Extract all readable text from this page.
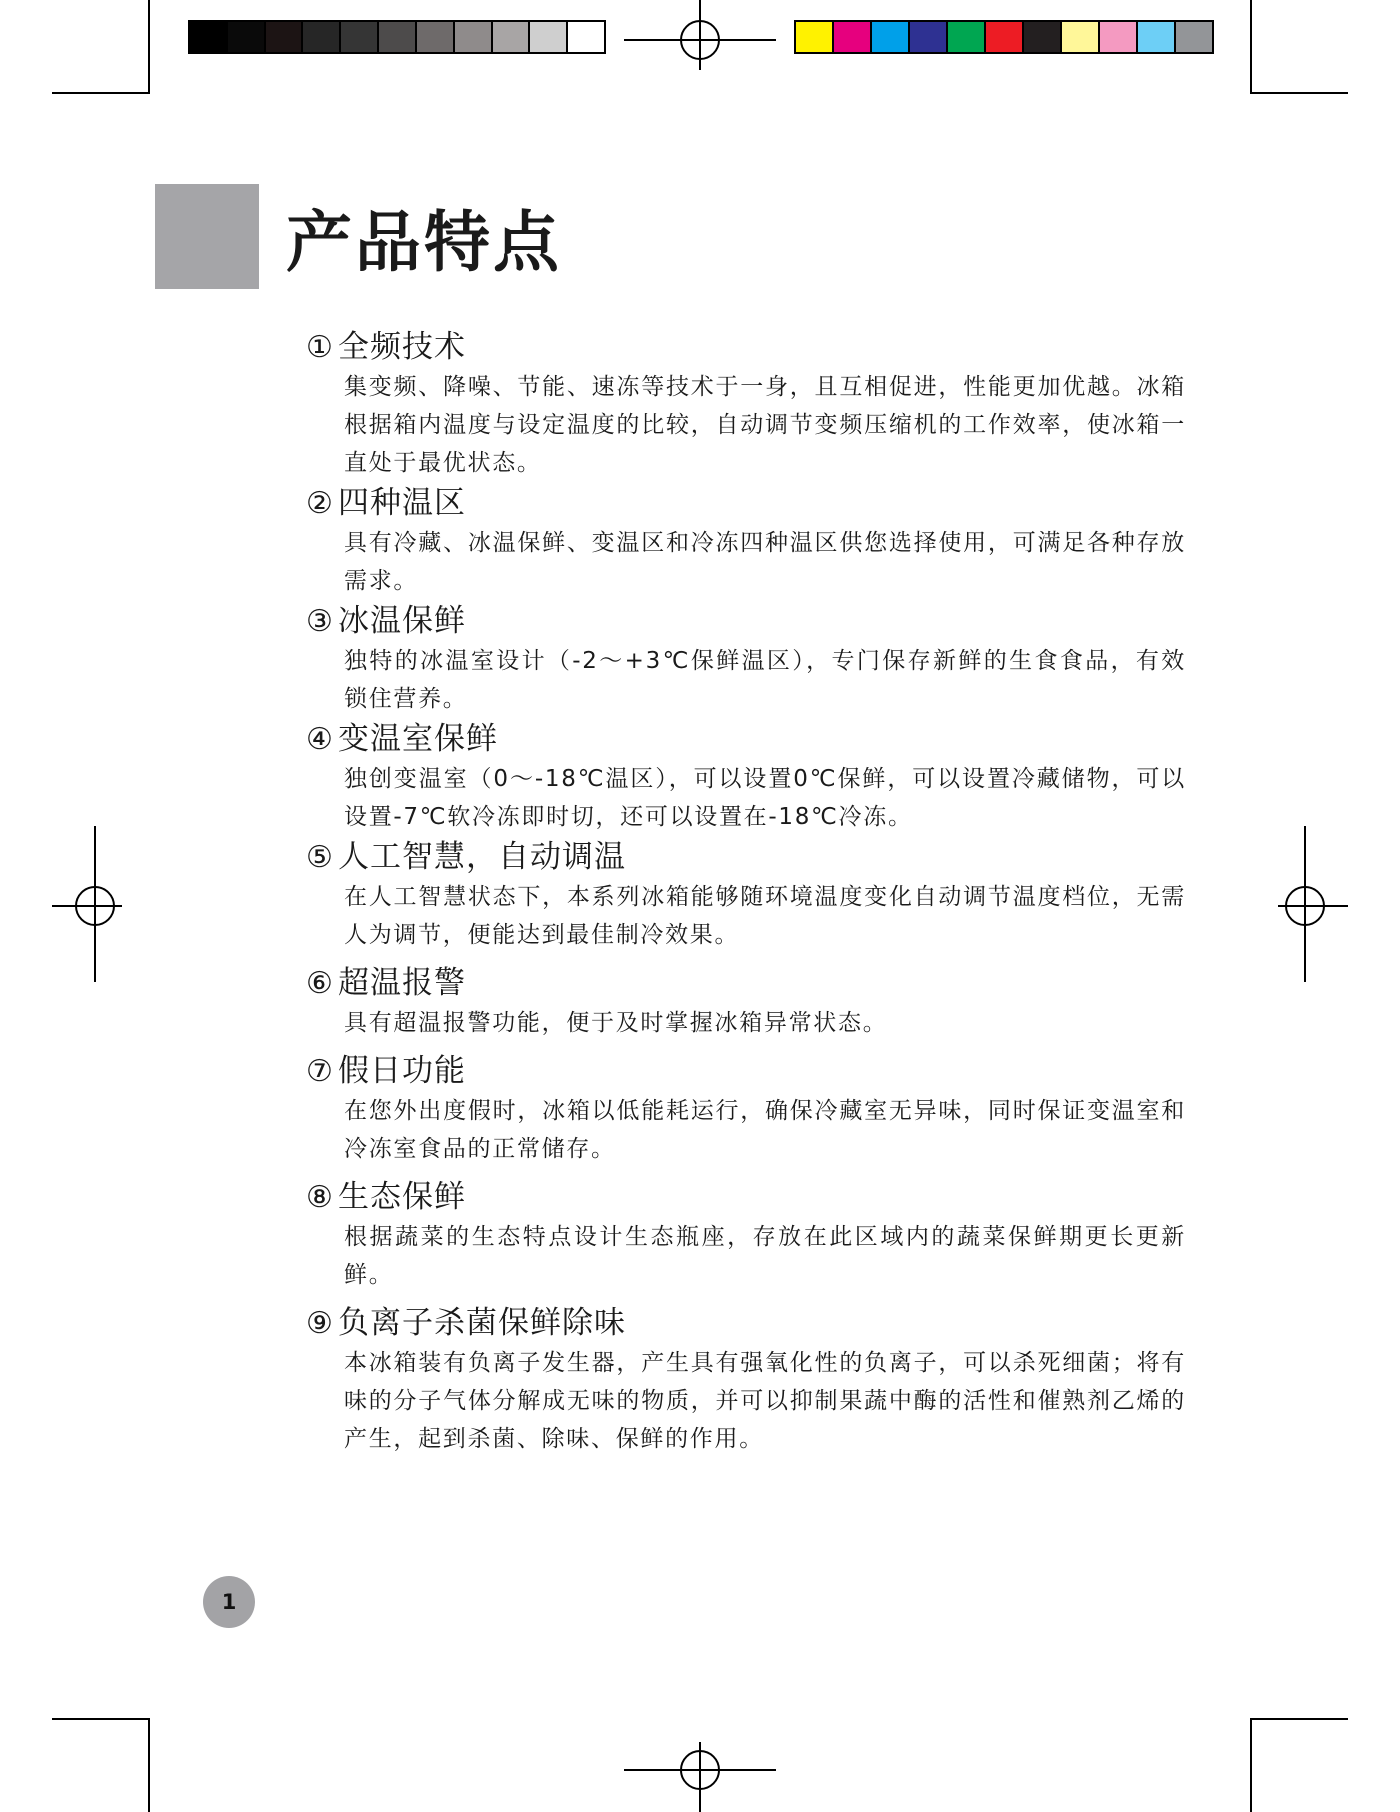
产品特点
① 全频技术

集变频、降噪、节能、速冻等技术于一身，且互相促进，性能更加优越。冰箱根据箱内温度与设定温度的比较，自动调节变频压缩机的工作效率，使冰箱一直处于最优状态。

② 四种温区

具有冷藏、冰温保鲜、变温区和冷冻四种温区供您选择使用，可满足各种存放需求。

③ 冰温保鲜

独特的冰温室设计（-2～+3℃保鲜温区），专门保存新鲜的生食食品，有效锁住营养。

④ 变温室保鲜

独创变温室（0～-18℃温区），可以设置0℃保鲜，可以设置冷藏储物，可以设置-7℃软冷冻即时切，还可以设置在-18℃冷冻。

⑤ 人工智慧，自动调温

在人工智慧状态下，本系列冰箱能够随环境温度变化自动调节温度档位，无需人为调节，便能达到最佳制冷效果。

⑥ 超温报警

具有超温报警功能，便于及时掌握冰箱异常状态。

⑦ 假日功能

在您外出度假时，冰箱以低能耗运行，确保冷藏室无异味，同时保证变温室和冷冻室食品的正常储存。

⑧ 生态保鲜

根据蔬菜的生态特点设计生态瓶座，存放在此区域内的蔬菜保鲜期更长更新鲜。

⑨ 负离子杀菌保鲜除味

本冰箱装有负离子发生器，产生具有强氧化性的负离子，可以杀死细菌；将有味的分子气体分解成无味的物质，并可以抑制果蔬中酶的活性和催熟剂乙烯的产生，起到杀菌、除味、保鲜的作用。

1
